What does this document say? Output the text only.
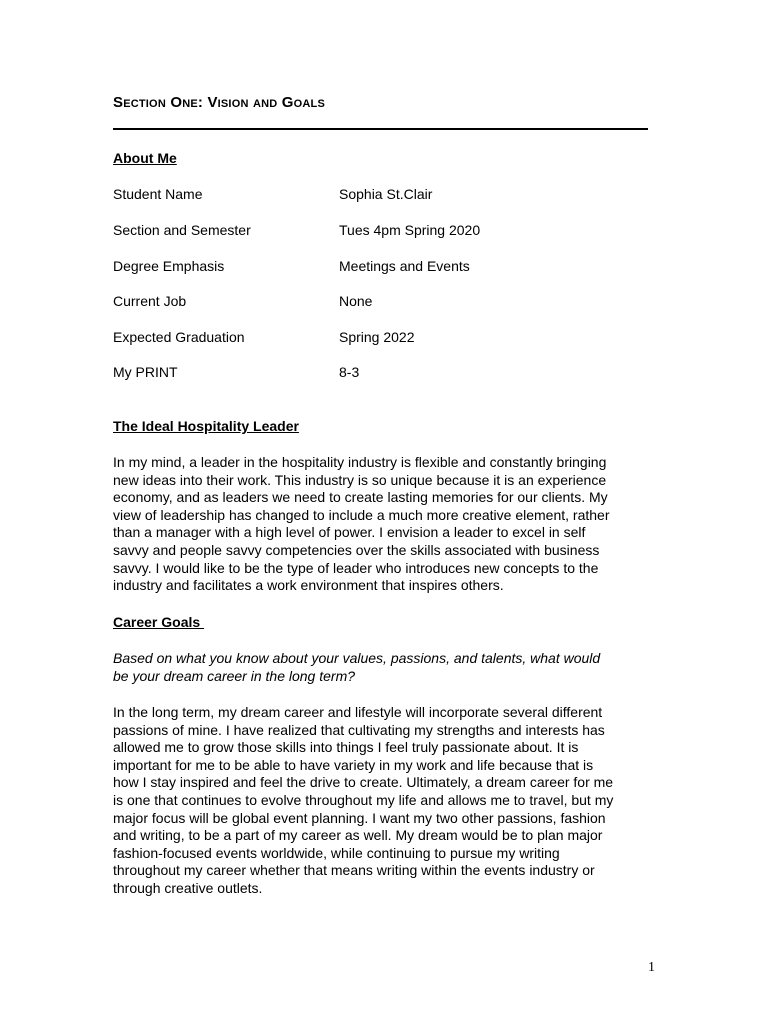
Section One: Vision and Goals
About Me
Student Name	Sophia St.Clair
Section and Semester	Tues 4pm Spring 2020
Degree Emphasis	Meetings and Events
Current Job	None
Expected Graduation	Spring 2022
My PRINT	8-3
The Ideal Hospitality Leader
In my mind, a leader in the hospitality industry is flexible and constantly bringing
new ideas into their work. This industry is so unique because it is an experience
economy, and as leaders we need to create lasting memories for our clients. My
view of leadership has changed to include a much more creative element, rather
than a manager with a high level of power. I envision a leader to excel in self
savvy and people savvy competencies over the skills associated with business
savvy. I would like to be the type of leader who introduces new concepts to the
industry and facilitates a work environment that inspires others.
Career Goals
Based on what you know about your values, passions, and talents, what would
be your dream career in the long term?
In the long term, my dream career and lifestyle will incorporate several different
passions of mine. I have realized that cultivating my strengths and interests has
allowed me to grow those skills into things I feel truly passionate about. It is
important for me to be able to have variety in my work and life because that is
how I stay inspired and feel the drive to create. Ultimately, a dream career for me
is one that continues to evolve throughout my life and allows me to travel, but my
major focus will be global event planning. I want my two other passions, fashion
and writing, to be a part of my career as well. My dream would be to plan major
fashion-focused events worldwide, while continuing to pursue my writing
throughout my career whether that means writing within the events industry or
through creative outlets.
1
